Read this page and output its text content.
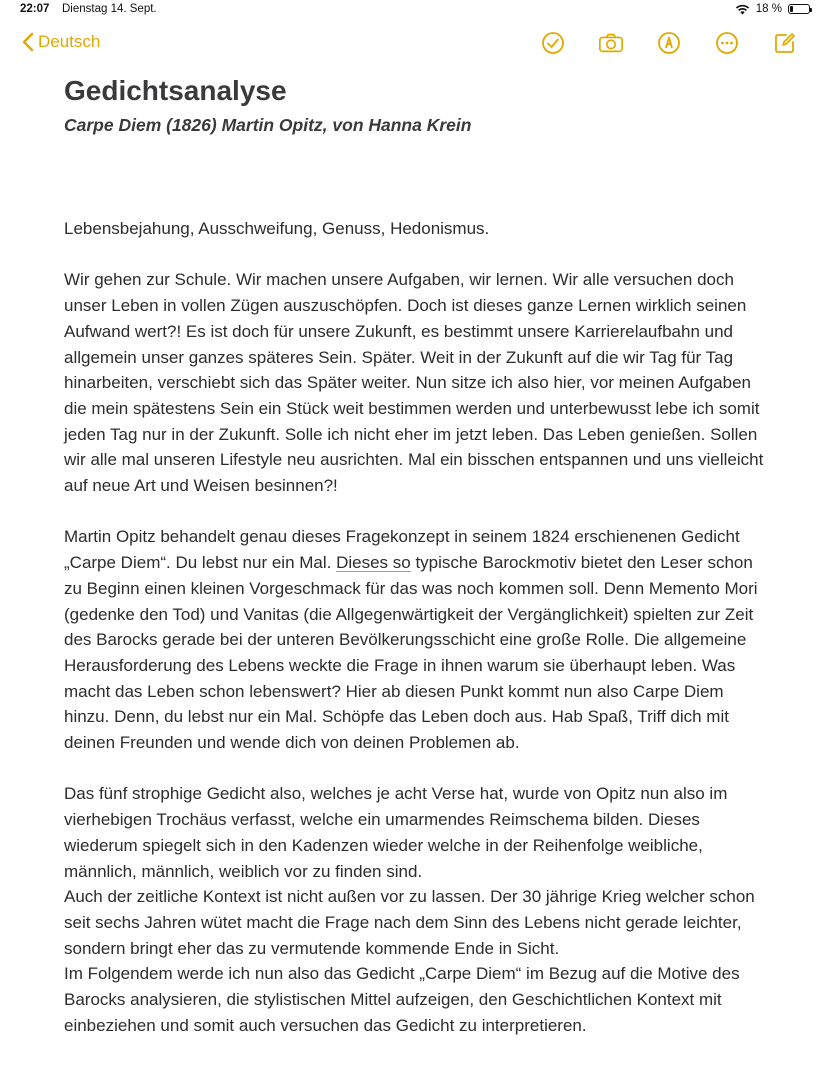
22:07 Dienstag 14. Sept.	18 %
Deutsch
Gedichtsanalyse

Carpe Diem (1826) Martin Opitz, von Hanna Krein

Lebensbejahung, Ausschweifung, Genuss, Hedonismus.

Wir gehen zur Schule. Wir machen unsere Aufgaben, wir lernen. Wir alle versuchen doch unser Leben in vollen Zügen auszuschöpfen. Doch ist dieses ganze Lernen wirklich seinen Aufwand wert?! Es ist doch für unsere Zukunft, es bestimmt unsere Karrierelaufbahn und allgemein unser ganzes späteres Sein. Später. Weit in der Zukunft auf die wir Tag für Tag hinarbeiten, verschiebt sich das Später weiter. Nun sitze ich also hier, vor meinen Aufgaben die mein spätestens Sein ein Stück weit bestimmen werden und unterbewusst lebe ich somit jeden Tag nur in der Zukunft. Solle ich nicht eher im jetzt leben. Das Leben genießen. Sollen wir alle mal unseren Lifestyle neu ausrichten. Mal ein bisschen entspannen und uns vielleicht auf neue Art und Weisen besinnen?!

Martin Opitz behandelt genau dieses Fragekonzept in seinem 1824 erschienenen Gedicht „Carpe Diem“. Du lebst nur ein Mal. Dieses so typische Barockmotiv bietet den Leser schon zu Beginn einen kleinen Vorgeschmack für das was noch kommen soll. Denn Memento Mori (gedenke den Tod) und Vanitas (die Allgegenwärtigkeit der Vergänglichkeit) spielten zur Zeit des Barocks gerade bei der unteren Bevölkerungsschicht eine große Rolle. Die allgemeine Herausforderung des Lebens weckte die Frage in ihnen warum sie überhaupt leben. Was macht das Leben schon lebenswert? Hier ab diesen Punkt kommt nun also Carpe Diem hinzu. Denn, du lebst nur ein Mal. Schöpfe das Leben doch aus. Hab Spaß, Triff dich mit deinen Freunden und wende dich von deinen Problemen ab.

Das fünf strophige Gedicht also, welches je acht Verse hat, wurde von Opitz nun also im vierhebigen Trochäus verfasst, welche ein umarmendes Reimschema bilden. Dieses wiederum spiegelt sich in den Kadenzen wieder welche in der Reihenfolge weibliche, männlich, männlich, weiblich vor zu finden sind.

Auch der zeitliche Kontext ist nicht außen vor zu lassen. Der 30 jährige Krieg welcher schon seit sechs Jahren wütet macht die Frage nach dem Sinn des Lebens nicht gerade leichter, sondern bringt eher das zu vermutende kommende Ende in Sicht.

Im Folgendem werde ich nun also das Gedicht „Carpe Diem“ im Bezug auf die Motive des Barocks analysieren, die stylistischen Mittel aufzeigen, den Geschichtlichen Kontext mit einbeziehen und somit auch versuchen das Gedicht zu interpretieren.
